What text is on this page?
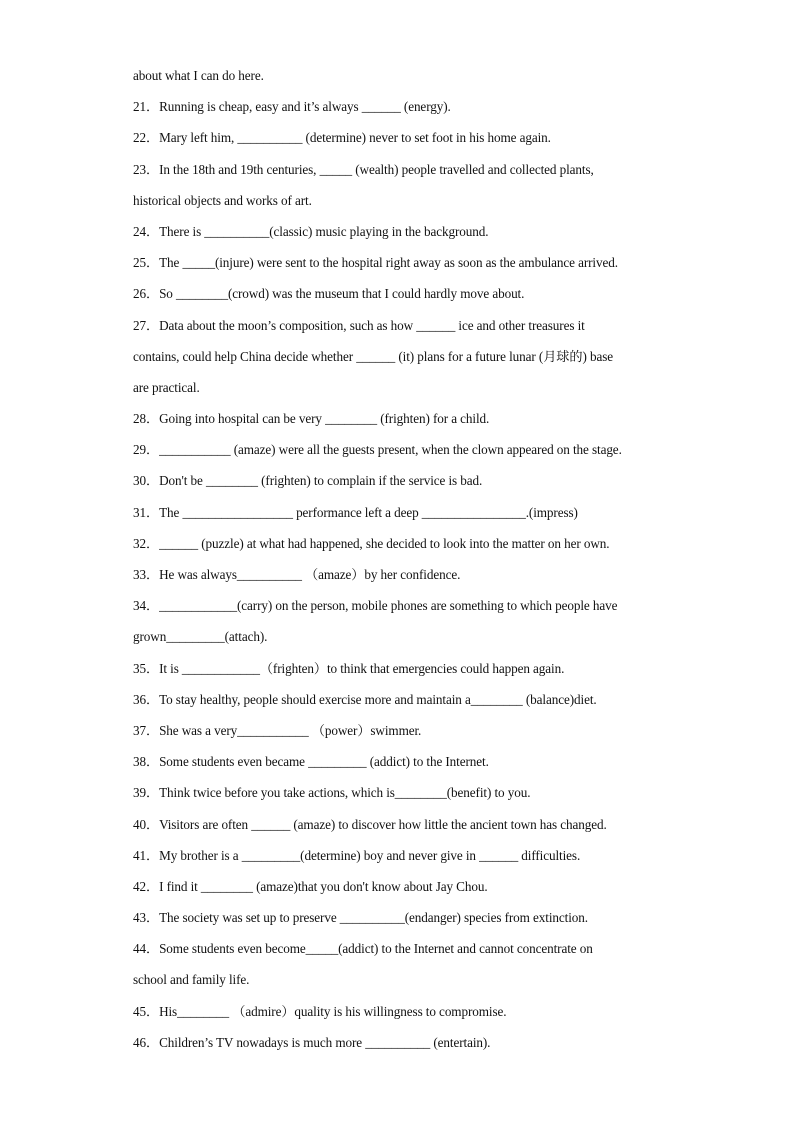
about what I can do here.
21．Running is cheap, easy and it’s always ______ (energy).
22．Mary left him, __________ (determine) never to set foot in his home again.
23．In the 18th and 19th centuries, _____ (wealth) people travelled and collected plants,
historical objects and works of art.
24．There is __________(classic) music playing in the background.
25．The _____(injure) were sent to the hospital right away as soon as the ambulance arrived.
26．So ________(crowd) was the museum that I could hardly move about.
27．Data about the moon’s composition, such as how ______ ice and other treasures it
contains, could help China decide whether ______ (it) plans for a future lunar (月球的) base
are practical.
28．Going into hospital can be very ________ (frighten) for a child.
29．___________ (amaze) were all the guests present, when the clown appeared on the stage.
30．Don't be ________ (frighten) to complain if the service is bad.
31．The _________________ performance left a deep ________________.(impress)
32．______ (puzzle) at what had happened, she decided to look into the matter on her own.
33．He was always__________ （amaze）by her confidence.
34．____________(carry) on the person, mobile phones are something to which people have
grown_________(attach).
35．It is ____________（frighten）to think that emergencies could happen again.
36．To stay healthy, people should exercise more and maintain a________ (balance)diet.
37．She was a very___________ （power）swimmer.
38．Some students even became _________ (addict) to the Internet.
39．Think twice before you take actions, which is________(benefit) to you.
40．Visitors are often ______ (amaze) to discover how little the ancient town has changed.
41．My brother is a _________(determine) boy and never give in ______ difficulties.
42．I find it ________ (amaze)that you don't know about Jay Chou.
43．The society was set up to preserve __________(endanger) species from extinction.
44．Some students even become_____(addict) to the Internet and cannot concentrate on
school and family life.
45．His________ （admire）quality is his willingness to compromise.
46．Children’s TV nowadays is much more __________ (entertain).
